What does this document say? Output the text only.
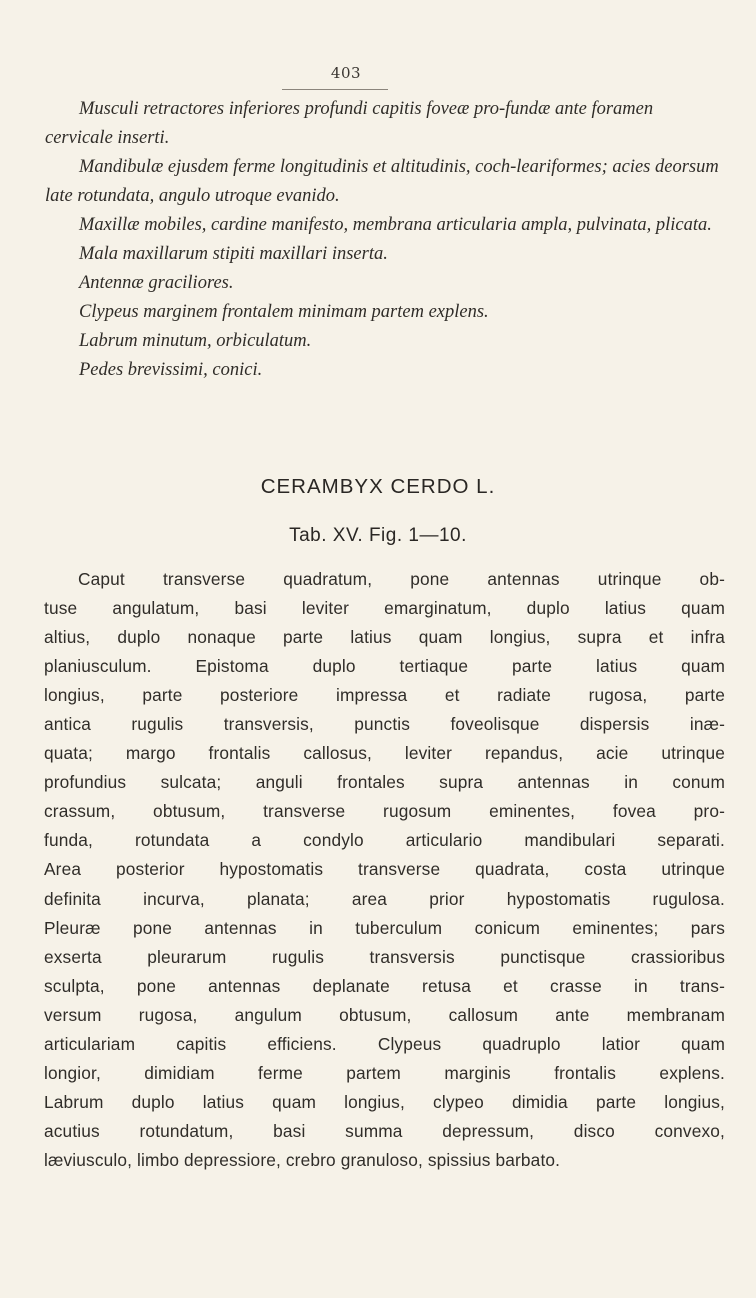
403

Musculi retractores inferiores profundi capitis foveæ pro-fundæ ante foramen cervicale inserti.

Mandibulæ ejusdem ferme longitudinis et altitudinis, coch-leariformes; acies deorsum late rotundata, angulo utroque evanido.

Maxillæ mobiles, cardine manifesto, membrana articularia ampla, pulvinata, plicata.

Mala maxillarum stipiti maxillari inserta.

Antennæ graciliores.

Clypeus marginem frontalem minimam partem explens.

Labrum minutum, orbiculatum.

Pedes brevissimi, conici.

CERAMBYX CERDO L.
Tab. XV. Fig. 1—10.
Caput transverse quadratum, pone antennas utrinque ob-
tuse angulatum, basi leviter emarginatum, duplo latius quam
altius, duplo nonaque parte latius quam longius, supra et infra
planiusculum. Epistoma duplo tertiaque parte latius quam
longius, parte posteriore impressa et radiate rugosa, parte
antica rugulis transversis, punctis foveolisque dispersis inæ-
quata; margo frontalis callosus, leviter repandus, acie utrinque
profundius sulcata; anguli frontales supra antennas in conum
crassum, obtusum, transverse rugosum eminentes, fovea pro-
funda, rotundata a condylo articulario mandibulari separati.
Area posterior hypostomatis transverse quadrata, costa utrinque
definita incurva, planata; area prior hypostomatis rugulosa.
Pleuræ pone antennas in tuberculum conicum eminentes; pars
exserta pleurarum rugulis transversis punctisque crassioribus
sculpta, pone antennas deplanate retusa et crasse in trans-
versum rugosa, angulum obtusum, callosum ante membranam
articulariam capitis efficiens. Clypeus quadruplo latior quam
longior, dimidiam ferme partem marginis frontalis explens.
Labrum duplo latius quam longius, clypeo dimidia parte longius,
acutius rotundatum, basi summa depressum, disco convexo,
læviusculo, limbo depressiore, crebro granuloso, spissius barbato.
